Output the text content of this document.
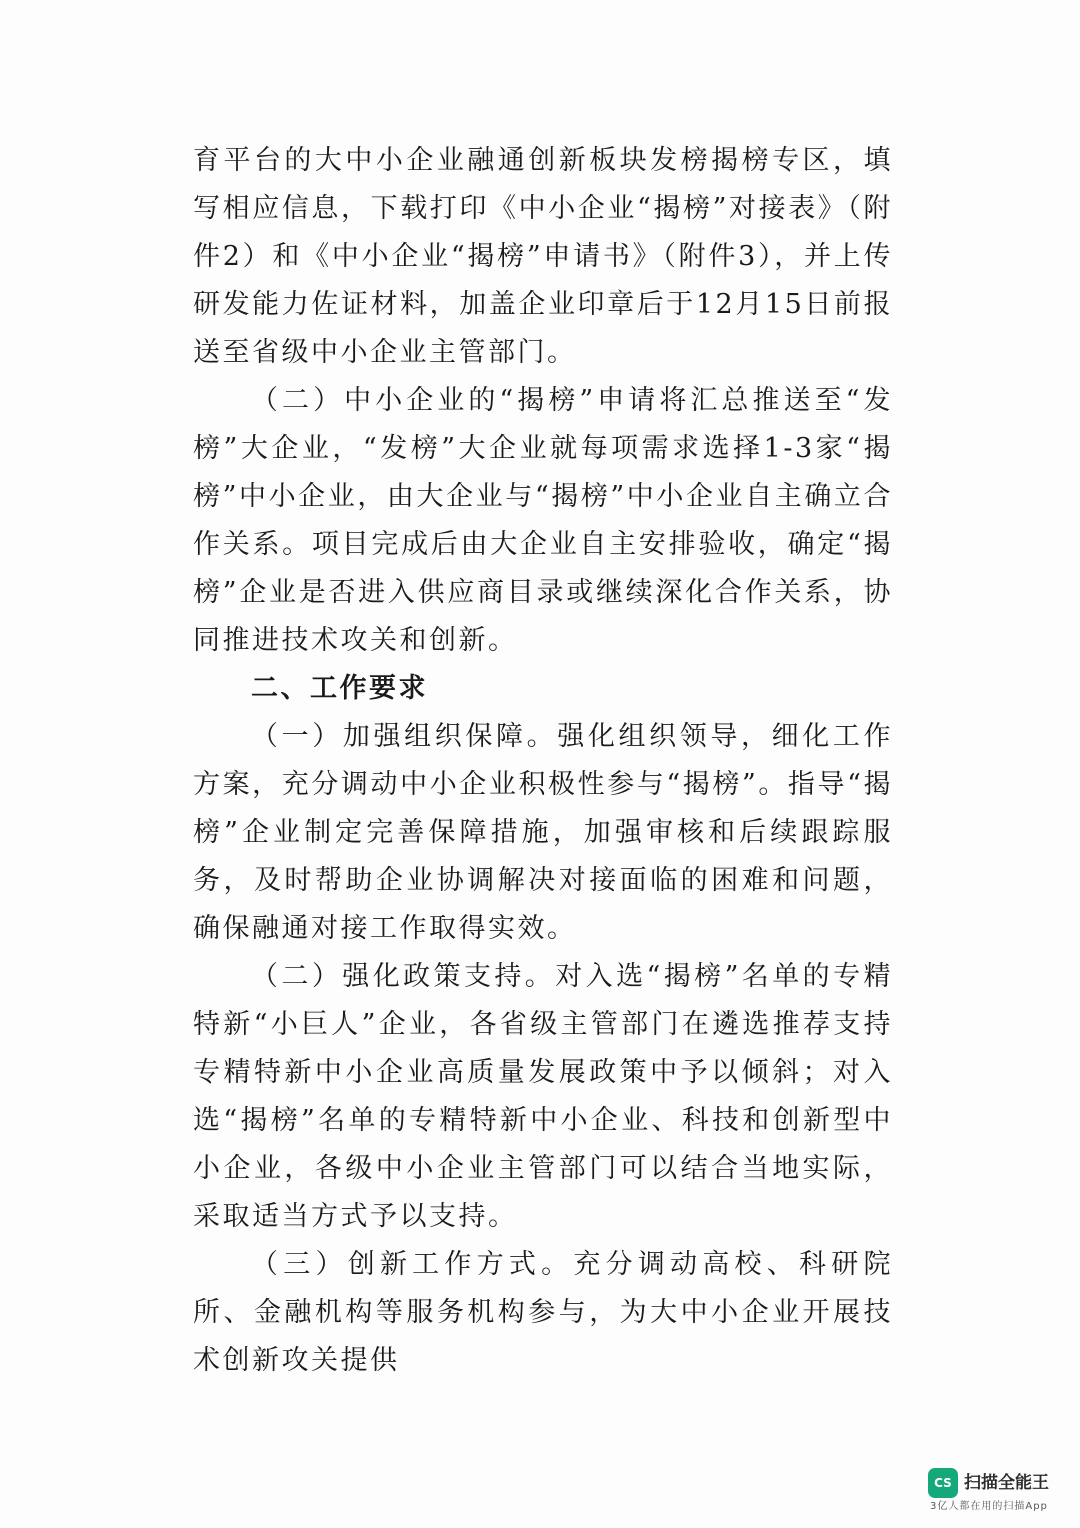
育平台的大中小企业融通创新板块发榜揭榜专区，填写相应信息，下载打印《中小企业“揭榜”对接表》（附件2）和《中小企业“揭榜”申请书》（附件3），并上传研发能力佐证材料，加盖企业印章后于12月15日前报送至省级中小企业主管部门。

（二）中小企业的“揭榜”申请将汇总推送至“发榜”大企业，“发榜”大企业就每项需求选择1-3家“揭榜”中小企业，由大企业与“揭榜”中小企业自主确立合作关系。项目完成后由大企业自主安排验收，确定“揭榜”企业是否进入供应商目录或继续深化合作关系，协同推进技术攻关和创新。

二、工作要求

（一）加强组织保障。强化组织领导，细化工作方案，充分调动中小企业积极性参与“揭榜”。指导“揭榜”企业制定完善保障措施，加强审核和后续跟踪服务，及时帮助企业协调解决对接面临的困难和问题，确保融通对接工作取得实效。

（二）强化政策支持。对入选“揭榜”名单的专精特新“小巨人”企业，各省级主管部门在遴选推荐支持专精特新中小企业高质量发展政策中予以倾斜；对入选“揭榜”名单的专精特新中小企业、科技和创新型中小企业，各级中小企业主管部门可以结合当地实际，采取适当方式予以支持。

（三）创新工作方式。充分调动高校、科研院所、金融机构等服务机构参与，为大中小企业开展技术创新攻关提供

CS 扫描全能王
3亿人都在用的扫描App
